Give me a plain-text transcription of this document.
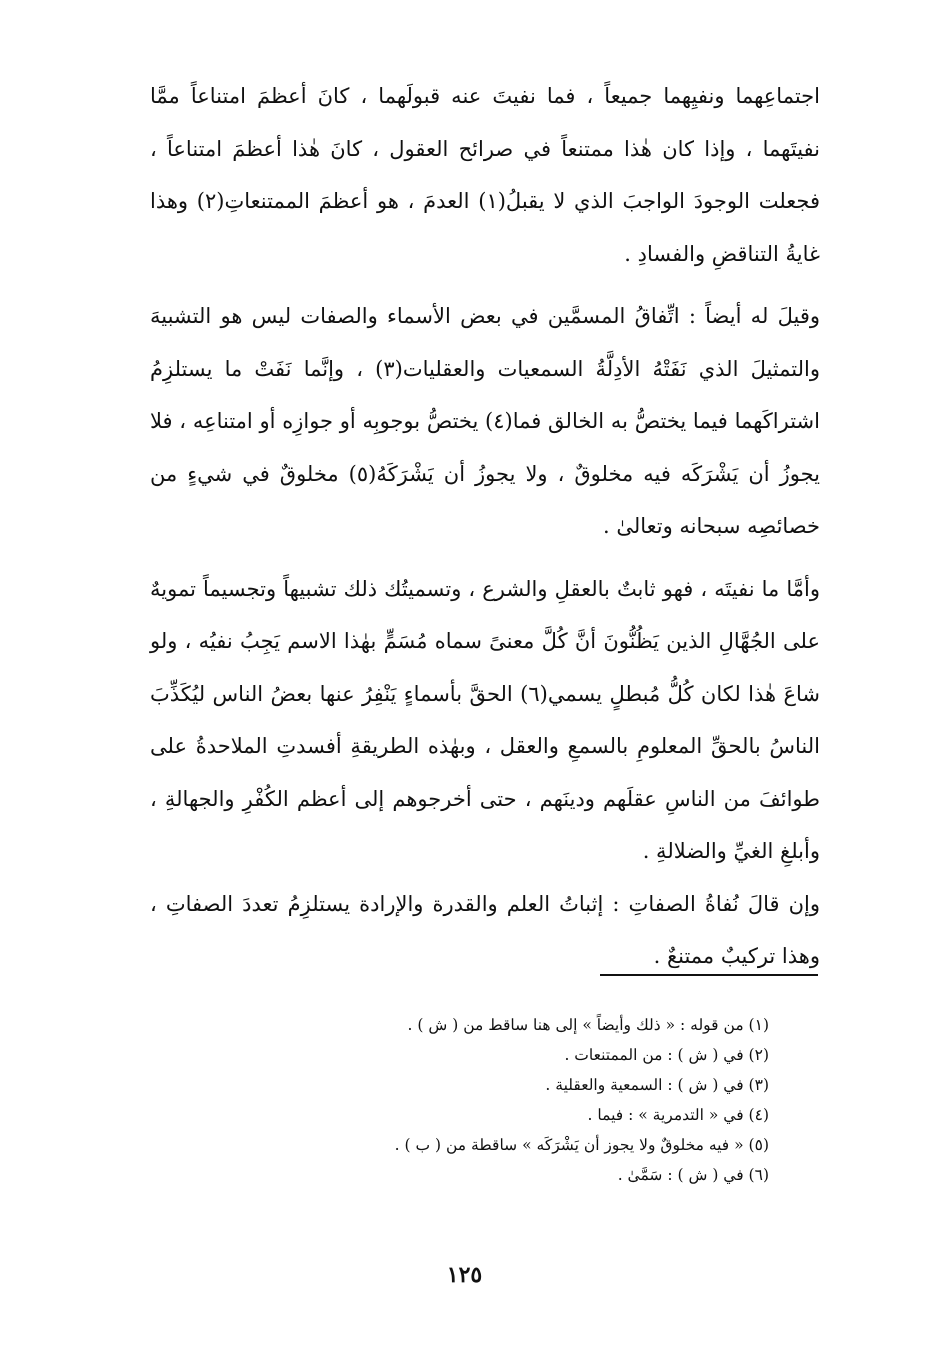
اجتماعِهما ونفيِهما جميعاً ، فما نفيتَ عنه قبولَهما ، كانَ أعظمَ امتناعاً ممَّا نفيتَهما ، وإذا كان هٰذا ممتنعاً في صرائح العقول ، كانَ هٰذا أعظمَ امتناعاً ، فجعلت الوجودَ الواجبَ الذي لا يقبلُ(١) العدمَ ، هو أعظمَ الممتنعاتِ(٢) وهذا غايةُ التناقضِ والفسادِ .

وقيلَ له أيضاً : اتِّفاقُ المسمَّين في بعض الأسماء والصفات ليس هو التشبيهَ والتمثيلَ الذي نَفَتْهُ الأدِلَّةُ السمعيات والعقليات(٣) ، وإنَّما نَفَتْ ما يستلزِمُ اشتراكَهما فيما يختصُّ به الخالق فما(٤) يختصُّ بوجوبِه أو جوازِه أو امتناعِه ، فلا يجوزُ أن يَشْرَكَه فيه مخلوقٌ ، ولا يجوزُ أن يَشْرَكَهُ(٥) مخلوقٌ في شيءٍ من خصائصِه سبحانه وتعالىٰ .

وأمَّا ما نفيتَه ، فهو ثابتٌ بالعقلِ والشرع ، وتسميتُك ذلك تشبيهاً وتجسيماً تمويهٌ على الجُهَّالِ الذين يَظُنُّونَ أنَّ كُلَّ معنىً سماه مُسَمٍّ بهٰذا الاسم يَجِبُ نفيُه ، ولو شاعَ هٰذا لكان كُلُّ مُبطلٍ يسمي(٦) الحقَّ بأسماءٍ يَنْفِرُ عنها بعضُ الناس ليُكَذِّبَ الناسُ بالحقِّ المعلومِ بالسمعِ والعقل ، وبهٰذه الطريقةِ أفسدتِ الملاحدةُ على طوائفَ من الناسِ عقلَهم ودينَهم ، حتى أخرجوهم إلى أعظم الكُفْرِ والجهالةِ ، وأبلغِ الغيِّ والضلالةِ .

وإن قالَ نُفاةُ الصفاتِ : إثباتُ العلم والقدرة والإرادة يستلزِمُ تعددَ الصفاتِ ، وهذا تركيبٌ ممتنعٌ .

(١) من قوله : « ذلك وأيضاً » إلى هنا ساقط من ( ش ) .

(٢) في ( ش ) : من الممتنعات .

(٣) في ( ش ) : السمعية والعقلية .

(٤) في « التدمرية » : فيما .

(٥) « فيه مخلوقٌ ولا يجوز أن يَشْرَكَه » ساقطة من ( ب ) .

(٦) في ( ش ) : سَمَّىٰ .

١٢٥
